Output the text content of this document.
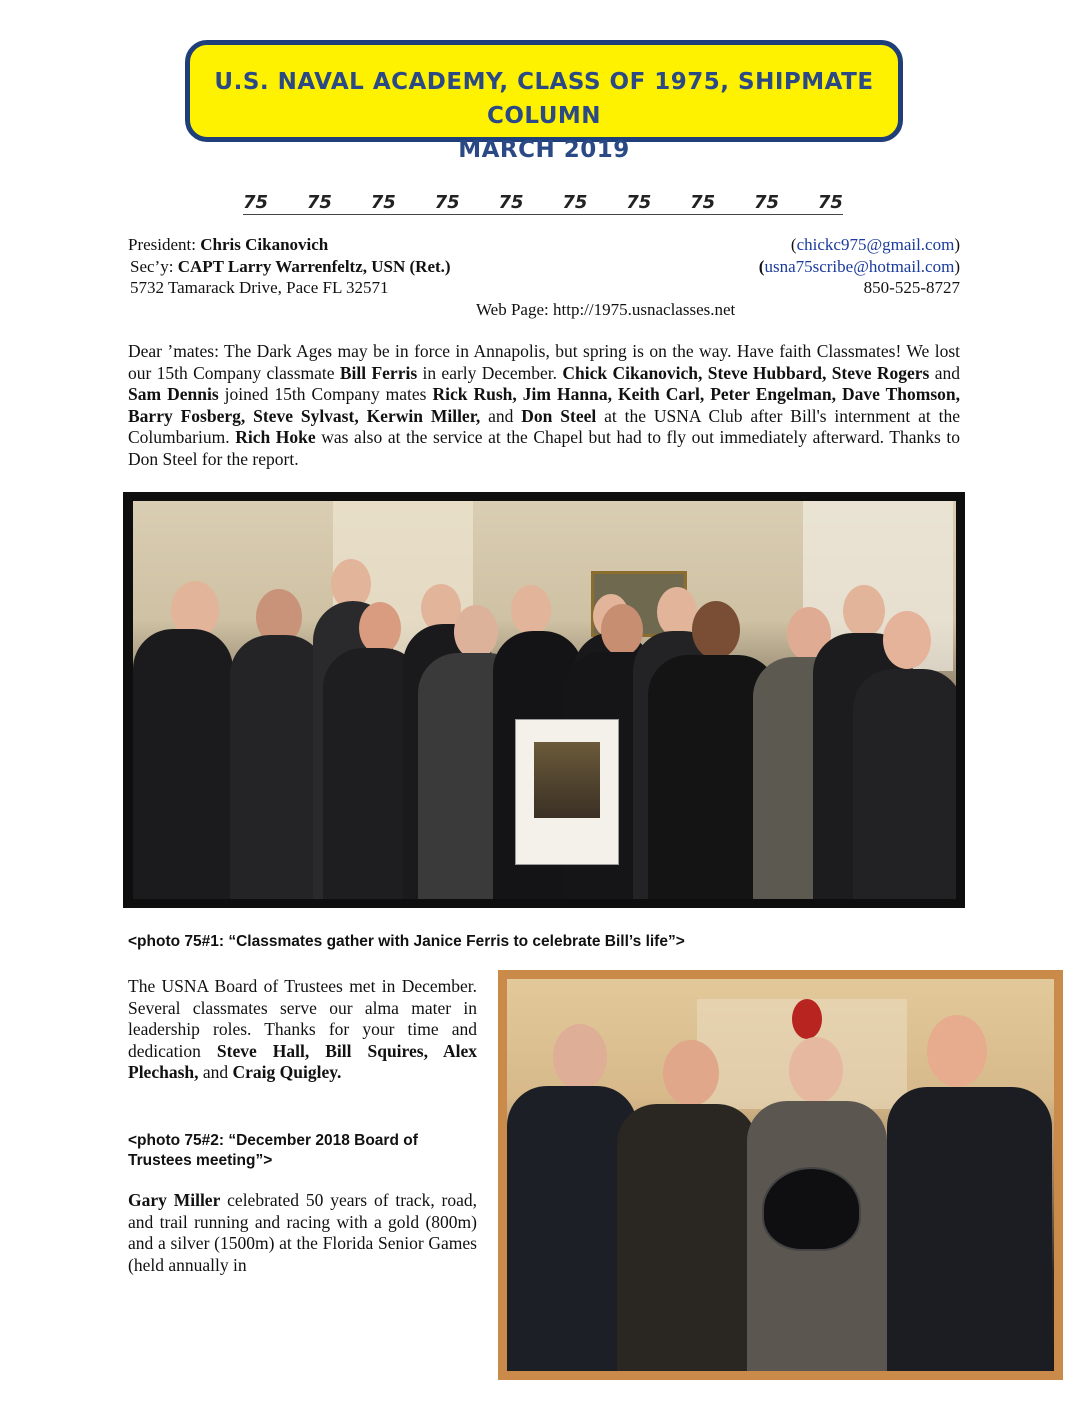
U.S. NAVAL ACADEMY, CLASS OF 1975, SHIPMATE COLUMN
MARCH 2019
75 75 75 75 75 75 75 75 75 75
President: Chris Cikanovich	(chickc975@gmail.com)
Sec’y: CAPT Larry Warrenfeltz, USN (Ret.)	(usna75scribe@hotmail.com)
5732 Tamarack Drive, Pace FL 32571	850-525-8727
Web Page: http://1975.usnaclasses.net
Dear ’mates: The Dark Ages may be in force in Annapolis, but spring is on the way. Have faith Classmates! We lost our 15th Company classmate Bill Ferris in early December. Chick Cikanovich, Steve Hubbard, Steve Rogers and Sam Dennis joined 15th Company mates Rick Rush, Jim Hanna, Keith Carl, Peter Engelman, Dave Thomson, Barry Fosberg, Steve Sylvast, Kerwin Miller, and Don Steel at the USNA Club after Bill's internment at the Columbarium. Rich Hoke was also at the service at the Chapel but had to fly out immediately afterward. Thanks to Don Steel for the report.
<photo 75#1: “Classmates gather with Janice Ferris to celebrate Bill’s life”>
The USNA Board of Trustees met in December. Several classmates serve our alma mater in leadership roles. Thanks for your time and dedication Steve Hall, Bill Squires, Alex Plechash, and Craig Quigley.
<photo 75#2: “December 2018 Board of Trustees meeting”>
Gary Miller celebrated 50 years of track, road, and trail running and racing with a gold (800m) and a silver (1500m) at the Florida Senior Games (held annually in
